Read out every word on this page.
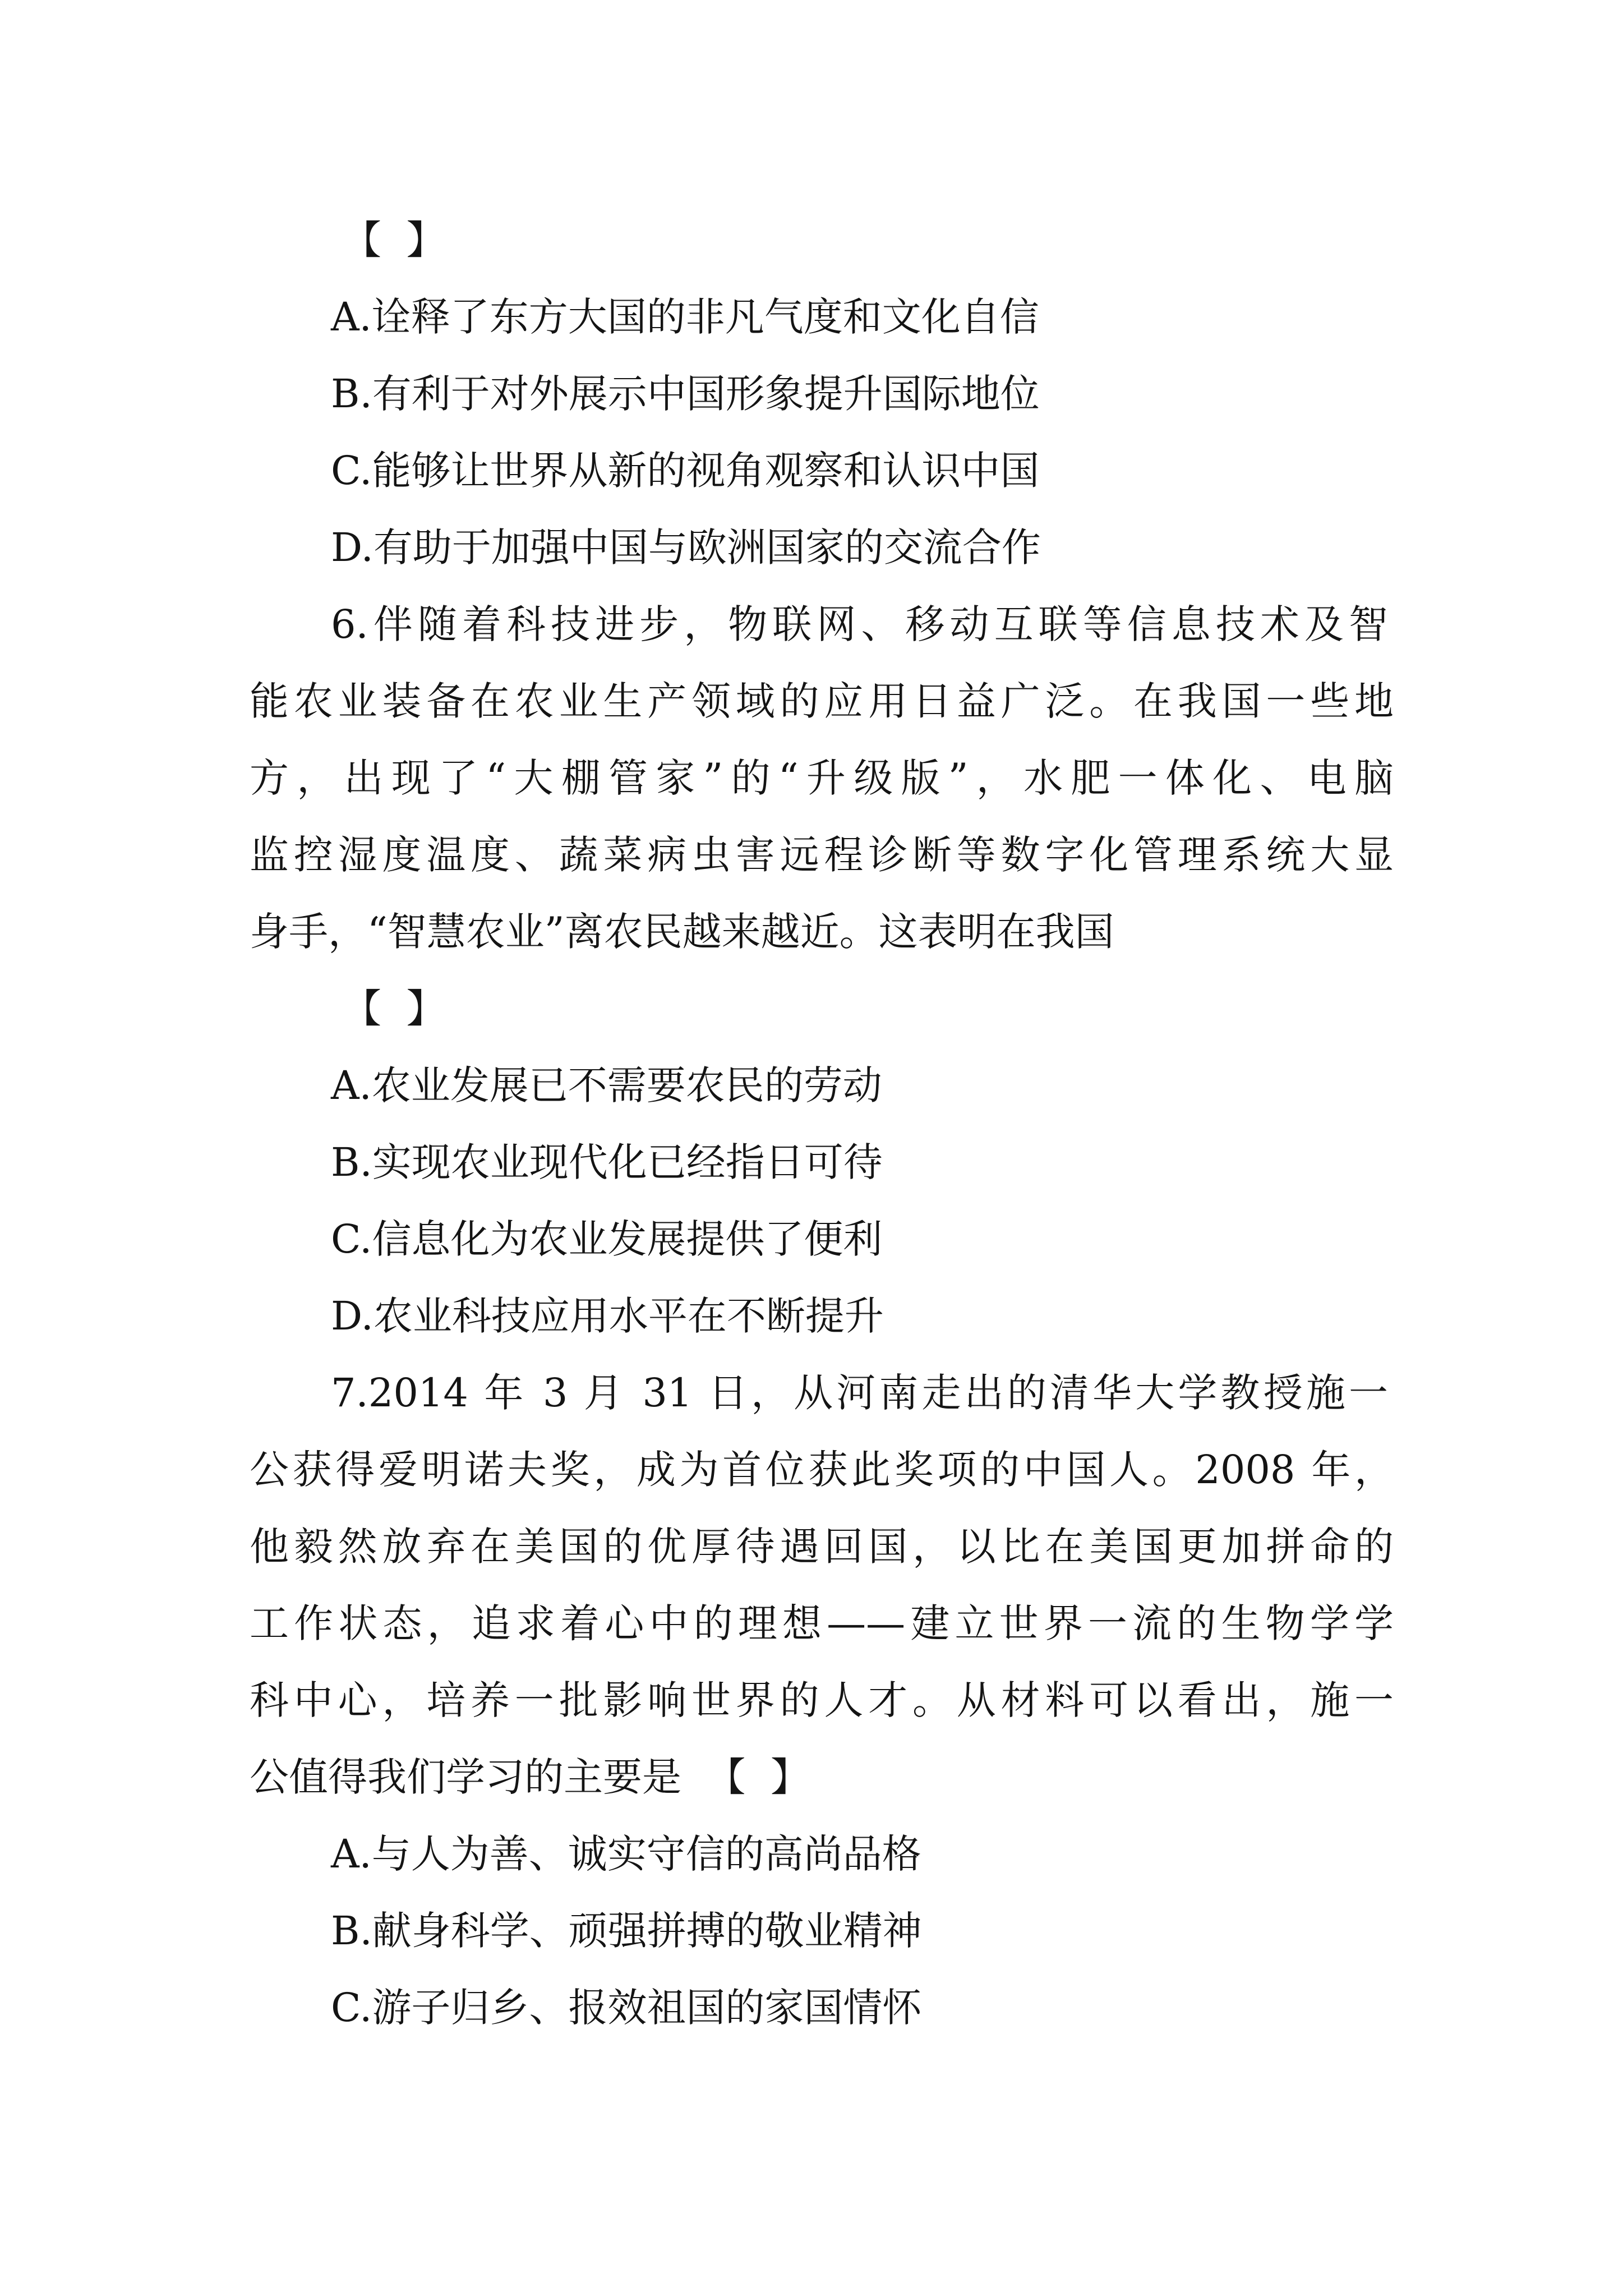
【  】
A.诠释了东方大国的非凡气度和文化自信
B.有利于对外展示中国形象提升国际地位
C.能够让世界从新的视角观察和认识中国
D.有助于加强中国与欧洲国家的交流合作
6.伴随着科技进步，物联网、移动互联等信息技术及智
能农业装备在农业生产领域的应用日益广泛。在我国一些地
方，出现了“大棚管家”的“升级版”，水肥一体化、电脑
监控湿度温度、蔬菜病虫害远程诊断等数字化管理系统大显
身手，“智慧农业”离农民越来越近。这表明在我国
【  】
A.农业发展已不需要农民的劳动
B.实现农业现代化已经指日可待
C.信息化为农业发展提供了便利
D.农业科技应用水平在不断提升
7.2014 年 3 月 31 日，从河南走出的清华大学教授施一
公获得爱明诺夫奖，成为首位获此奖项的中国人。2008 年，
他毅然放弃在美国的优厚待遇回国，以比在美国更加拼命的
工作状态，追求着心中的理想——建立世界一流的生物学学
科中心，培养一批影响世界的人才。从材料可以看出，施一
公值得我们学习的主要是  【  】
A.与人为善、诚实守信的高尚品格
B.献身科学、顽强拼搏的敬业精神
C.游子归乡、报效祖国的家国情怀
